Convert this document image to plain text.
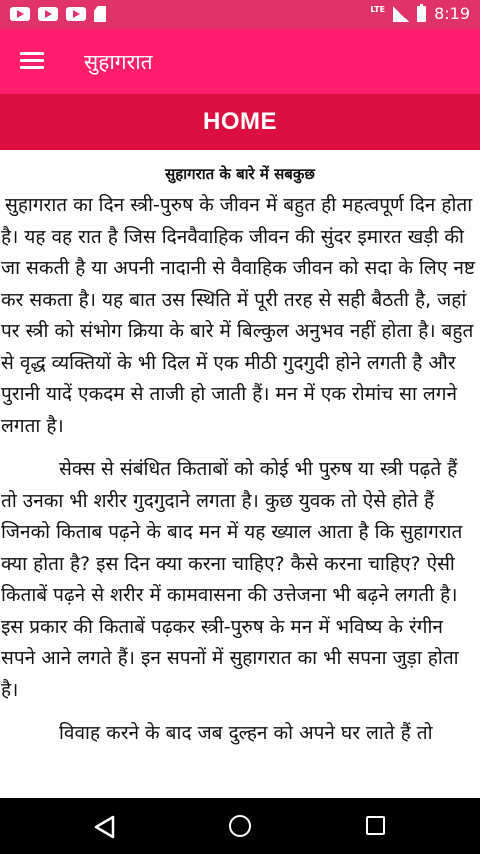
LTE	8:19
सुहागरात
HOME
सुहागरात के बारे में सबकुछ

सुहागरात का दिन स्त्री-पुरुष के जीवन में बहुत ही महत्वपूर्ण दिन होता है। यह वह रात है जिस दिनवैवाहिक जीवन की सुंदर इमारत खड़ी की जा सकती है या अपनी नादानी से वैवाहिक जीवन को सदा के लिए नष्ट कर सकता है। यह बात उस स्थिति में पूरी तरह से सही बैठती है, जहां पर स्त्री को संभोग क्रिया के बारे में बिल्कुल अनुभव नहीं होता है। बहुत से वृद्ध व्यक्तियों के भी दिल में एक मीठी गुदगुदी होने लगती है और पुरानी यादें एकदम से ताजी हो जाती हैं। मन में एक रोमांच सा लगने लगता है।

सेक्स से संबंधित किताबों को कोई भी पुरुष या स्त्री पढ़ते हैं तो उनका भी शरीर गुदगुदाने लगता है। कुछ युवक तो ऐसे होते हैं जिनको किताब पढ़ने के बाद मन में यह ख्याल आता है कि सुहागरात क्या होता है? इस दिन क्या करना चाहिए? कैसे करना चाहिए? ऐसी किताबें पढ़ने से शरीर में कामवासना की उत्तेजना भी बढ़ने लगती है। इस प्रकार की किताबें पढ़कर स्त्री-पुरुष के मन में भविष्य के रंगीन सपने आने लगते हैं। इन सपनों में सुहागरात का भी सपना जुड़ा होता है।

विवाह करने के बाद जब दुल्हन को अपने घर लाते हैं तो
